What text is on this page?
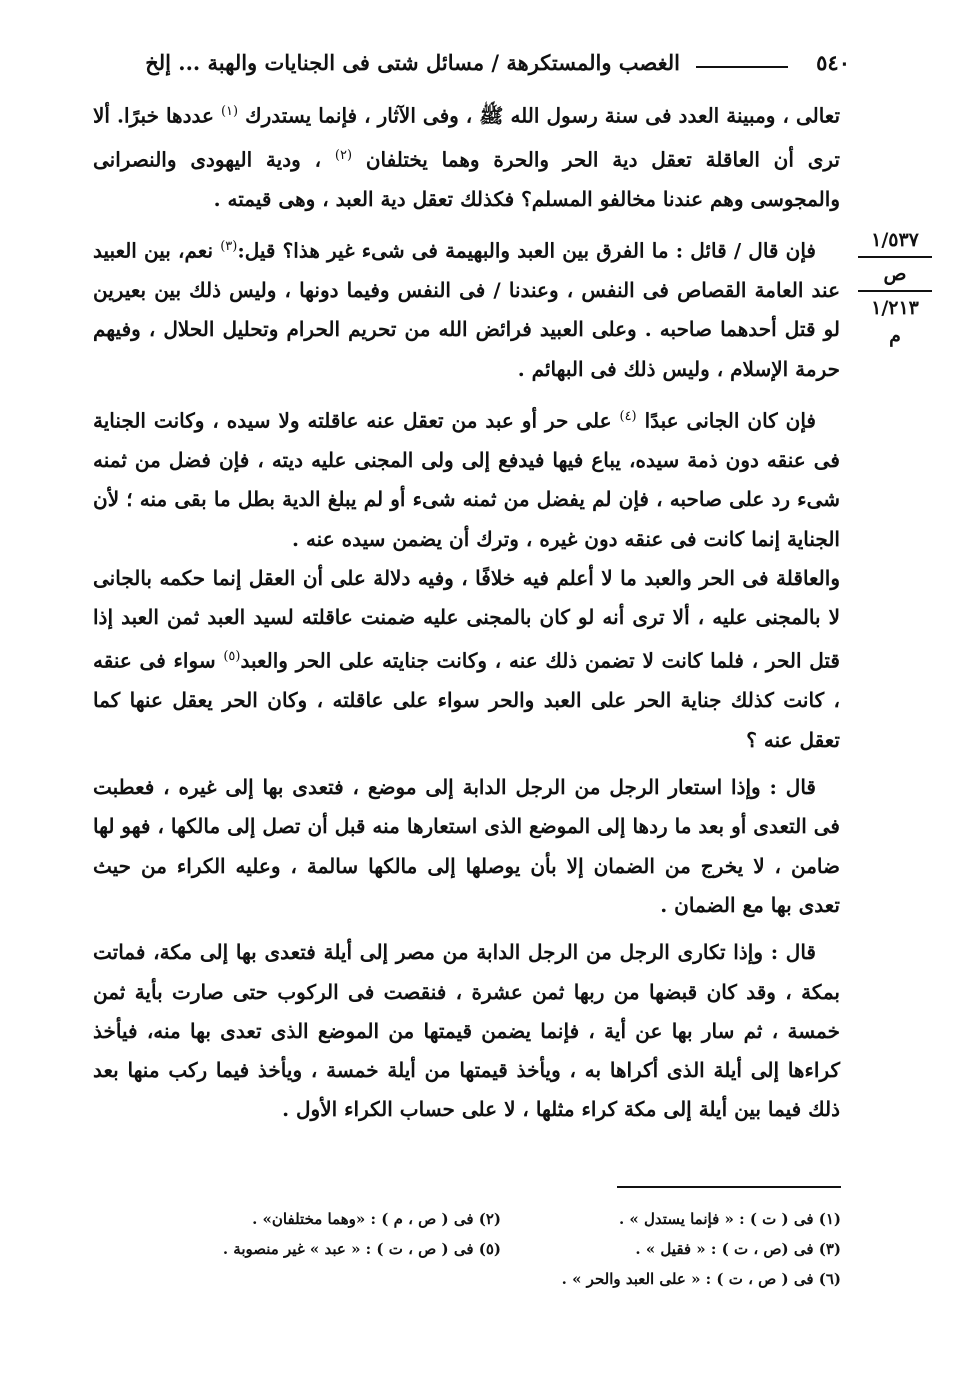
٥٤٠
الغصب والمستكرهة / مسائل شتى فى الجنايات والهبة ... إلخ
١/٥٣٧
ص
١/٢١٣
م

تعالى ، ومبينة العدد فى سنة رسول الله ﷺ ، وفى الآثار ، فإنما يستدرك $^{(١)}$ عددها خبرًا. ألا ترى أن العاقلة تعقل دية الحر والحرة وهما يختلفان $^{(٢)}$ ، ودية اليهودى والنصرانى والمجوسى وهم عندنا مخالفو المسلم؟ فكذلك تعقل دية العبد ، وهى قيمته .

فإن قال / قائل : ما الفرق بين العبد والبهيمة فى شىء غير هذا؟ قيل:$^{(٣)}$ نعم، بين العبيد عند العامة القصاص فى النفس ، وعندنا / فى النفس وفيما دونها ، وليس ذلك بين بعيرين لو قتل أحدهما صاحبه . وعلى العبيد فرائض الله من تحريم الحرام وتحليل الحلال ، وفيهم حرمة الإسلام ، وليس ذلك فى البهائم .

فإن كان الجانى عبدًا $^{(٤)}$ على حر أو عبد من تعقل عنه عاقلته ولا سيده ، وكانت الجناية فى عنقه دون ذمة سيده، يباع فيها فيدفع إلى ولى المجنى عليه ديته ، فإن فضل من ثمنه شىء رد على صاحبه ، فإن لم يفضل من ثمنه شىء أو لم يبلغ الدية بطل ما بقى منه ؛ لأن الجناية إنما كانت فى عنقه دون غيره ، وترك أن يضمن سيده عنه .

والعاقلة فى الحر والعبد ما لا أعلم فيه خلافًا ، وفيه دلالة على أن العقل إنما حكمه بالجانى لا بالمجنى عليه ، ألا ترى أنه لو كان بالمجنى عليه ضمنت عاقلته لسيد العبد ثمن العبد إذا قتل الحر ، فلما كانت لا تضمن ذلك عنه ، وكانت جنايته على الحر والعبد$^{(٥)}$ سواء فى عنقه ، كانت كذلك جناية الحر على العبد والحر سواء على عاقلته ، وكان الحر يعقل عنها كما تعقل عنه ؟

قال : وإذا استعار الرجل من الرجل الدابة إلى موضع ، فتعدى بها إلى غيره ، فعطبت فى التعدى أو بعد ما ردها إلى الموضع الذى استعارها منه قبل أن تصل إلى مالكها ، فهو لها ضامن ، لا يخرج من الضمان إلا بأن يوصلها إلى مالكها سالمة ، وعليه الكراء من حيث تعدى بها مع الضمان .

قال : وإذا تكارى الرجل من الرجل الدابة من مصر إلى أيلة فتعدى بها إلى مكة، فماتت بمكة ، وقد كان قبضها من ربها ثمن عشرة ، فنقصت فى الركوب حتى صارت بأية ثمن خمسة ، ثم سار بها عن أية ، فإنما يضمن قيمتها من الموضع الذى تعدى بها منه، فيأخذ كراءها إلى أيلة الذى أكراها به ، ويأخذ قيمتها من أيلة خمسة ، ويأخذ فيما ركب منها بعد ذلك فيما بين أيلة إلى مكة كراء مثلها ، لا على حساب الكراء الأول .

(١) فى ( ت ) : « فإنما يستدل » .
(٢) فى ( ص ، م ) : «وهما مختلفان» .
(٣) فى (ص ، ت ) : « فقيل » .
(٥) فى ( ص ، ت ) : « عبد » غير منصوبة .
(٦) فى ( ص ، ت ) : « على العبد والحر » .
